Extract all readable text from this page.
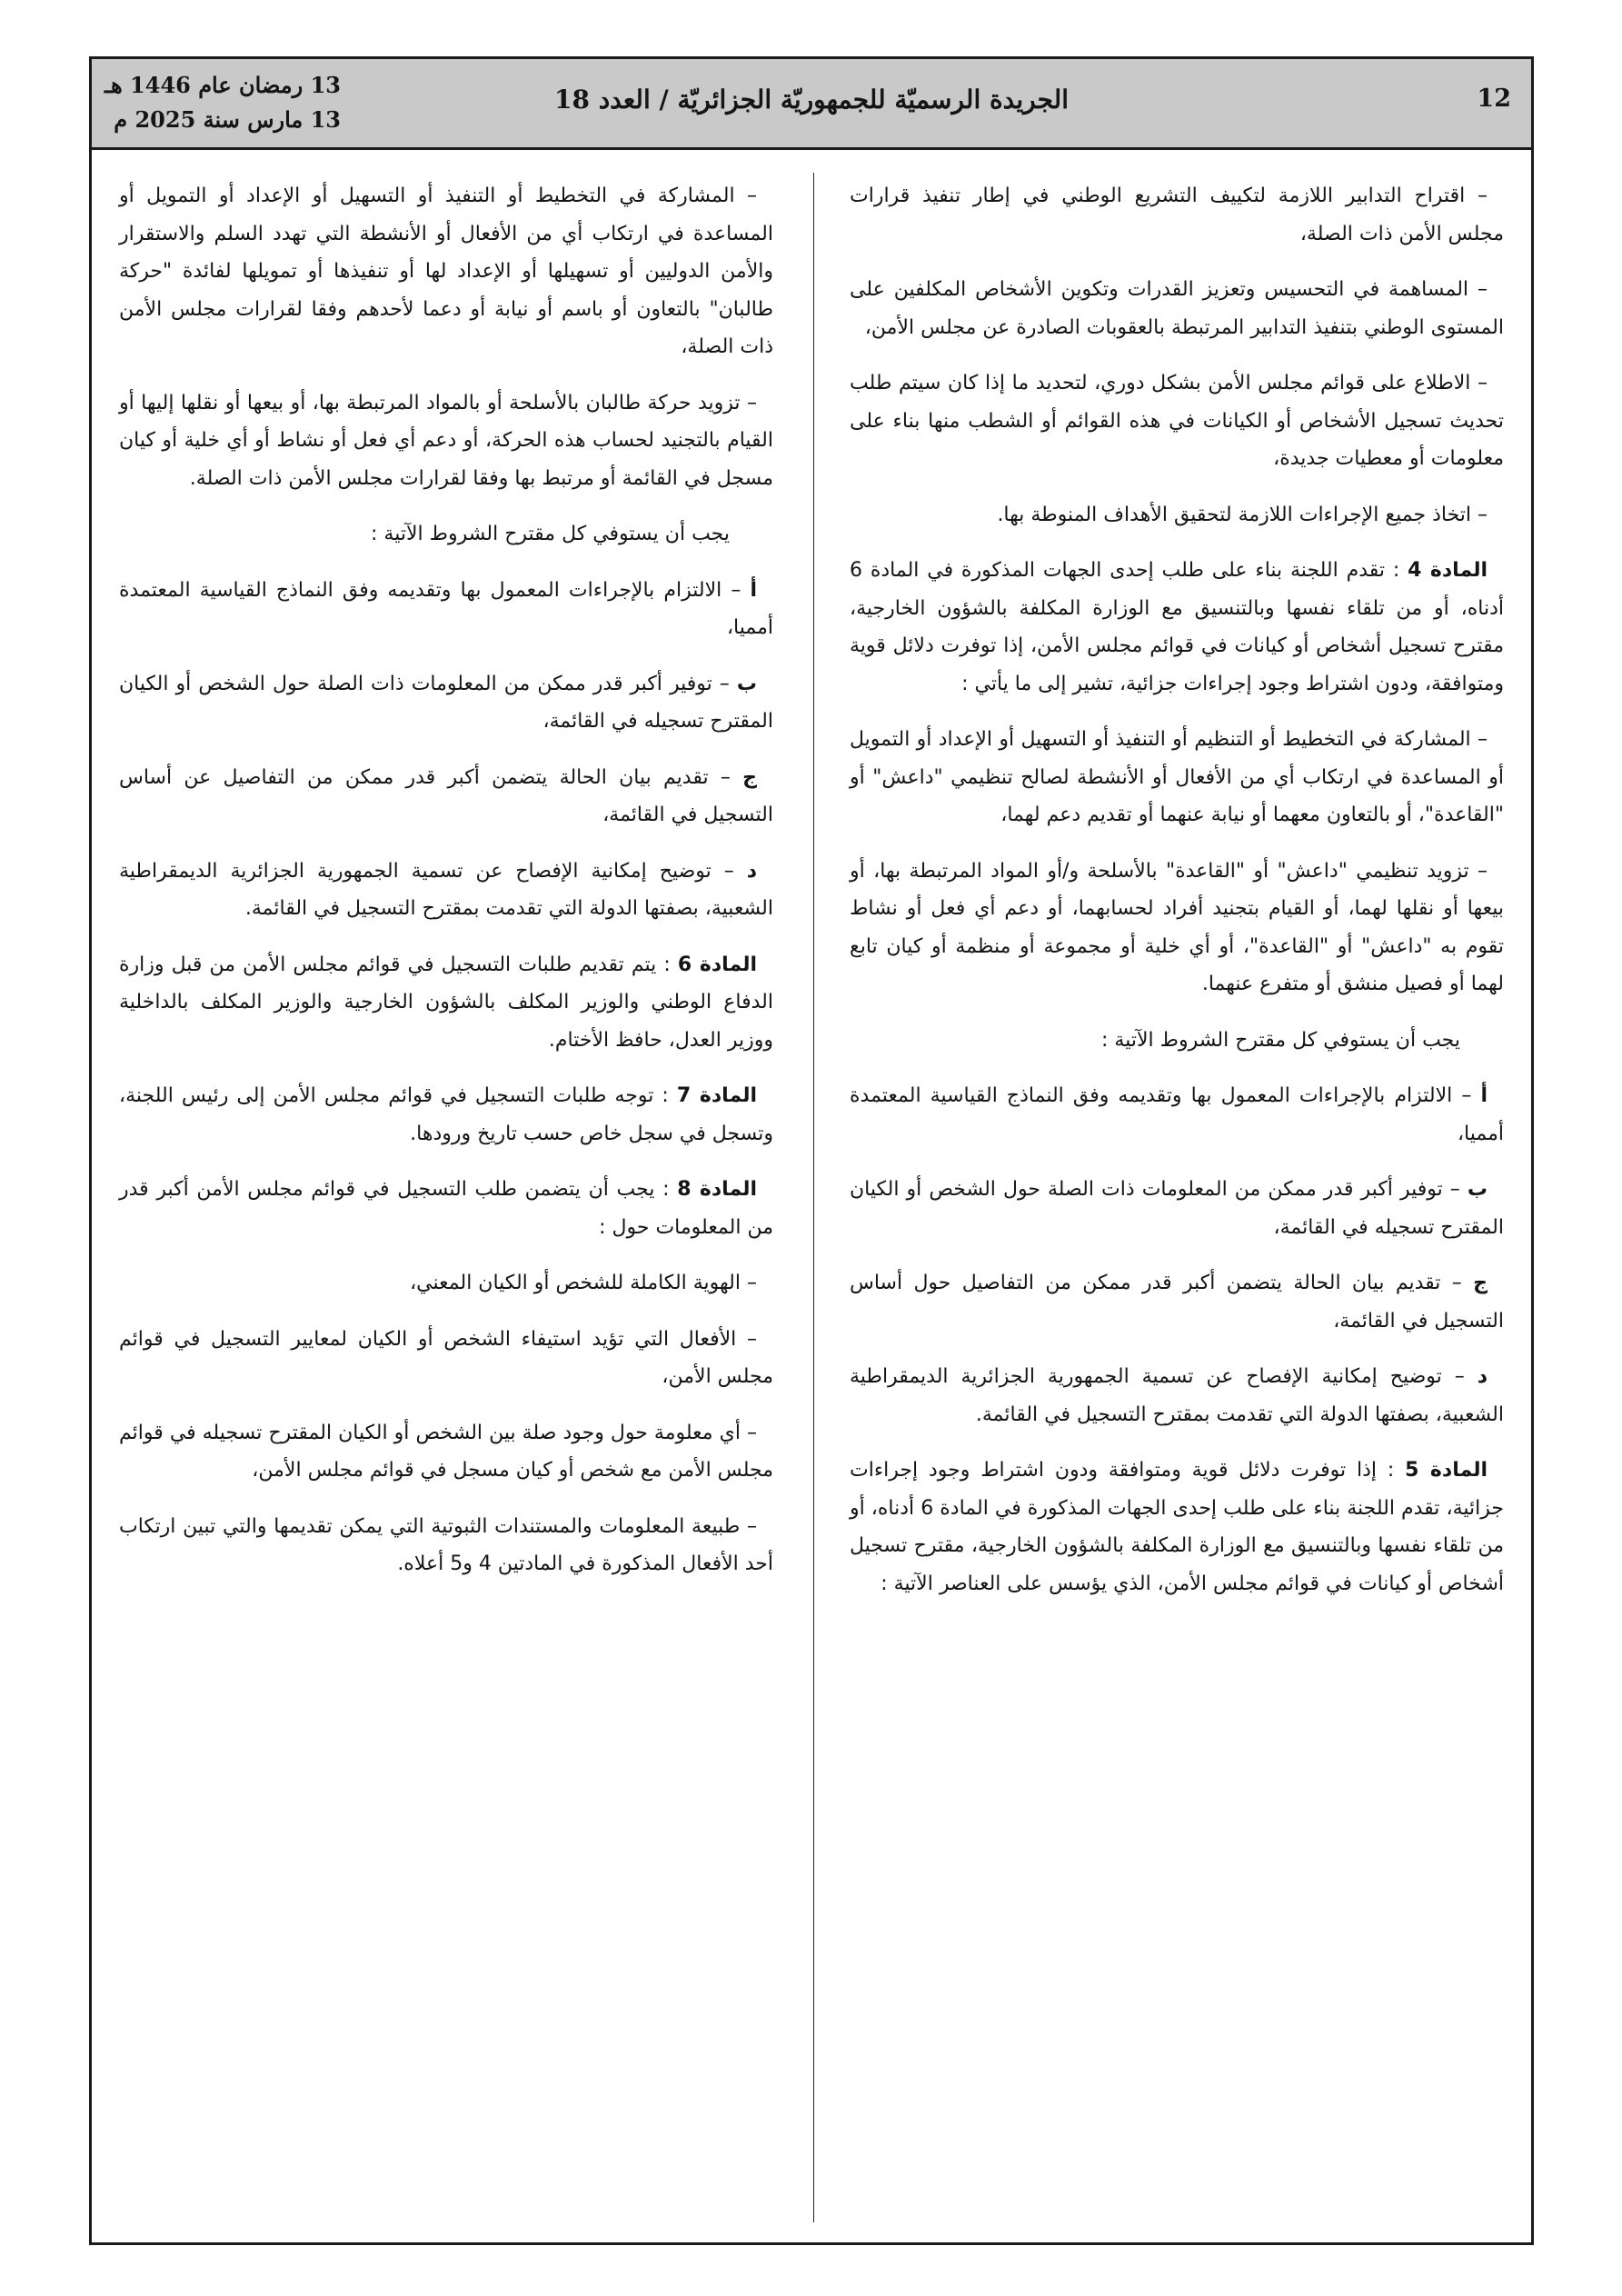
12
الجريدة الرسميّة للجمهوريّة الجزائريّة / العدد 18
13 رمضان عام 1446 هـ
13 مارس سنة 2025 م

– اقتراح التدابير اللازمة لتكييف التشريع الوطني في إطار تنفيذ قرارات مجلس الأمن ذات الصلة،

– المساهمة في التحسيس وتعزيز القدرات وتكوين الأشخاص المكلفين على المستوى الوطني بتنفيذ التدابير المرتبطة بالعقوبات الصادرة عن مجلس الأمن،

– الاطلاع على قوائم مجلس الأمن بشكل دوري، لتحديد ما إذا كان سيتم طلب تحديث تسجيل الأشخاص أو الكيانات في هذه القوائم أو الشطب منها بناء على معلومات أو معطيات جديدة،

– اتخاذ جميع الإجراءات اللازمة لتحقيق الأهداف المنوطة بها.

المادة 4 : تقدم اللجنة بناء على طلب إحدى الجهات المذكورة في المادة 6 أدناه، أو من تلقاء نفسها وبالتنسيق مع الوزارة المكلفة بالشؤون الخارجية، مقترح تسجيل أشخاص أو كيانات في قوائم مجلس الأمن، إذا توفرت دلائل قوية ومتوافقة، ودون اشتراط وجود إجراءات جزائية، تشير إلى ما يأتي :

– المشاركة في التخطيط أو التنظيم أو التنفيذ أو التسهيل أو الإعداد أو التمويل أو المساعدة في ارتكاب أي من الأفعال أو الأنشطة لصالح تنظيمي "داعش" أو "القاعدة"، أو بالتعاون معهما أو نيابة عنهما أو تقديم دعم لهما،

– تزويد تنظيمي "داعش" أو "القاعدة" بالأسلحة و/أو المواد المرتبطة بها، أو بيعها أو نقلها لهما، أو القيام بتجنيد أفراد لحسابهما، أو دعم أي فعل أو نشاط تقوم به "داعش" أو "القاعدة"، أو أي خلية أو مجموعة أو منظمة أو كيان تابع لهما أو فصيل منشق أو متفرع عنهما.

يجب أن يستوفي كل مقترح الشروط الآتية :

أ – الالتزام بالإجراءات المعمول بها وتقديمه وفق النماذج القياسية المعتمدة أمميا،

ب – توفير أكبر قدر ممكن من المعلومات ذات الصلة حول الشخص أو الكيان المقترح تسجيله في القائمة،

ج – تقديم بيان الحالة يتضمن أكبر قدر ممكن من التفاصيل حول أساس التسجيل في القائمة،

د – توضيح إمكانية الإفصاح عن تسمية الجمهورية الجزائرية الديمقراطية الشعبية، بصفتها الدولة التي تقدمت بمقترح التسجيل في القائمة.

المادة 5 : إذا توفرت دلائل قوية ومتوافقة ودون اشتراط وجود إجراءات جزائية، تقدم اللجنة بناء على طلب إحدى الجهات المذكورة في المادة 6 أدناه، أو من تلقاء نفسها وبالتنسيق مع الوزارة المكلفة بالشؤون الخارجية، مقترح تسجيل أشخاص أو كيانات في قوائم مجلس الأمن، الذي يؤسس على العناصر الآتية :

– المشاركة في التخطيط أو التنفيذ أو التسهيل أو الإعداد أو التمويل أو المساعدة في ارتكاب أي من الأفعال أو الأنشطة التي تهدد السلم والاستقرار والأمن الدوليين أو تسهيلها أو الإعداد لها أو تنفيذها أو تمويلها لفائدة "حركة طالبان" بالتعاون أو باسم أو نيابة أو دعما لأحدهم وفقا لقرارات مجلس الأمن ذات الصلة،

– تزويد حركة طالبان بالأسلحة أو بالمواد المرتبطة بها، أو بيعها أو نقلها إليها أو القيام بالتجنيد لحساب هذه الحركة، أو دعم أي فعل أو نشاط أو أي خلية أو كيان مسجل في القائمة أو مرتبط بها وفقا لقرارات مجلس الأمن ذات الصلة.

يجب أن يستوفي كل مقترح الشروط الآتية :

أ – الالتزام بالإجراءات المعمول بها وتقديمه وفق النماذج القياسية المعتمدة أمميا،

ب – توفير أكبر قدر ممكن من المعلومات ذات الصلة حول الشخص أو الكيان المقترح تسجيله في القائمة،

ج – تقديم بيان الحالة يتضمن أكبر قدر ممكن من التفاصيل عن أساس التسجيل في القائمة،

د – توضيح إمكانية الإفصاح عن تسمية الجمهورية الجزائرية الديمقراطية الشعبية، بصفتها الدولة التي تقدمت بمقترح التسجيل في القائمة.

المادة 6 : يتم تقديم طلبات التسجيل في قوائم مجلس الأمن من قبل وزارة الدفاع الوطني والوزير المكلف بالشؤون الخارجية والوزير المكلف بالداخلية ووزير العدل، حافظ الأختام.

المادة 7 : توجه طلبات التسجيل في قوائم مجلس الأمن إلى رئيس اللجنة، وتسجل في سجل خاص حسب تاريخ ورودها.

المادة 8 : يجب أن يتضمن طلب التسجيل في قوائم مجلس الأمن أكبر قدر من المعلومات حول :

– الهوية الكاملة للشخص أو الكيان المعني،

– الأفعال التي تؤيد استيفاء الشخص أو الكيان لمعايير التسجيل في قوائم مجلس الأمن،

– أي معلومة حول وجود صلة بين الشخص أو الكيان المقترح تسجيله في قوائم مجلس الأمن مع شخص أو كيان مسجل في قوائم مجلس الأمن،

– طبيعة المعلومات والمستندات الثبوتية التي يمكن تقديمها والتي تبين ارتكاب أحد الأفعال المذكورة في المادتين 4 و5 أعلاه.
